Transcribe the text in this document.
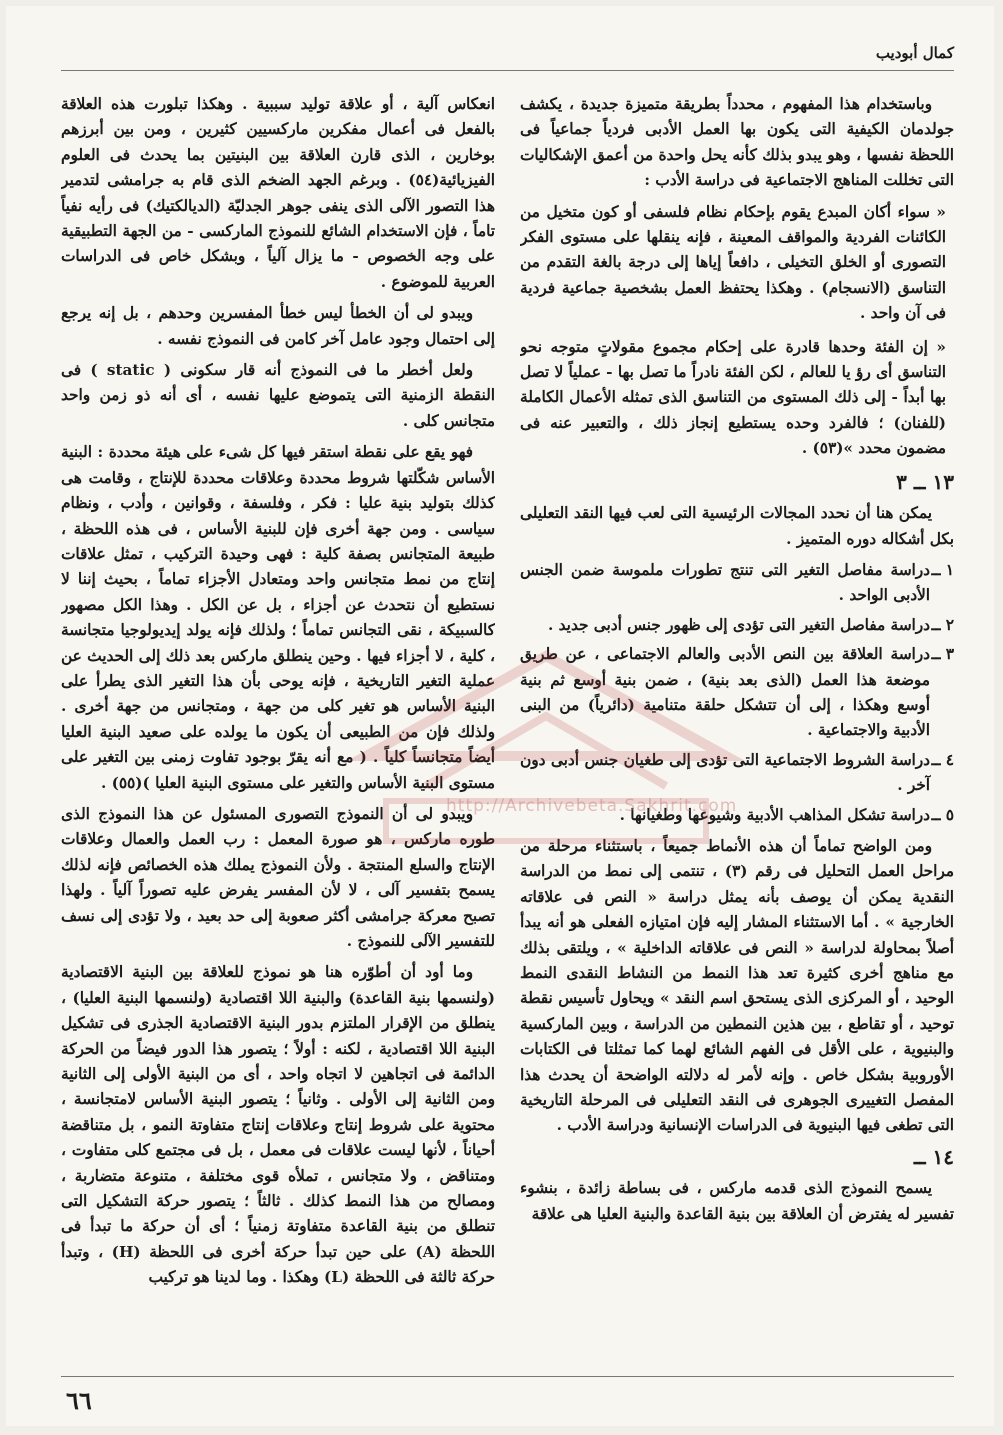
كمال أبوديب

وباستخدام هذا المفهوم ، محدداً بطريقة متميزة جديدة ، يكشف جولدمان الكيفية التى يكون بها العمل الأدبى فردياً جماعياً فى اللحظة نفسها ، وهو يبدو بذلك كأنه يحل واحدة من أعمق الإشكاليات التى تخللت المناهج الاجتماعية فى دراسة الأدب :

« سواء أكان المبدع يقوم بإحكام نظام فلسفى أو كون متخيل من الكائنات الفردية والمواقف المعينة ، فإنه ينقلها على مستوى الفكر التصورى أو الخلق التخيلى ، دافعاً إياها إلى درجة بالغة التقدم من التناسق (الانسجام) . وهكذا يحتفظ العمل بشخصية جماعية فردية فى آن واحد .

« إن الفئة وحدها قادرة على إحكام مجموع مقولاتٍ متوجه نحو التناسق أى رؤ يا للعالم ، لكن الفئة نادراً ما تصل بها - عملياً لا تصل بها أبداً - إلى ذلك المستوى من التناسق الذى تمثله الأعمال الكاملة (للفنان) ؛ فالفرد وحده يستطيع إنجاز ذلك ، والتعبير عنه فى مضمون محدد »(٥٣) .

١٣ ــ ٣

يمكن هنا أن نحدد المجالات الرئيسية التى لعب فيها النقد التعليلى بكل أشكاله دوره المتميز .

١ ــ
دراسة مفاصل التغير التى تنتج تطورات ملموسة ضمن الجنس الأدبى الواحد .
٢ ــ
دراسة مفاصل التغير التى تؤدى إلى ظهور جنس أدبى جديد .
٣ ــ
دراسة العلاقة بين النص الأدبى والعالم الاجتماعى ، عن طريق موضعة هذا العمل (الذى بعد بنية) ، ضمن بنية أوسع ثم بنية أوسع وهكذا ، إلى أن تتشكل حلقة متنامية (دائرياً) من البنى الأدبية والاجتماعية .
٤ ــ
دراسة الشروط الاجتماعية التى تؤدى إلى طغيان جنس أدبى دون آخر .
٥ ــ
دراسة تشكل المذاهب الأدبية وشيوعها وطغيانها .

ومن الواضح تماماً أن هذه الأنماط جميعاً ، باستثناء مرحلة من مراحل العمل التحليل فى رقم (٣) ، تنتمى إلى نمط من الدراسة النقدية يمكن أن يوصف بأنه يمثل دراسة « النص فى علاقاته الخارجية » . أما الاستثناء المشار إليه فإن امتيازه الفعلى هو أنه يبدأ أصلاً بمحاولة لدراسة « النص فى علاقاته الداخلية » ، ويلتقى بذلك مع مناهج أخرى كثيرة تعد هذا النمط من النشاط النقدى النمط الوحيد ، أو المركزى الذى يستحق اسم النقد » ويحاول تأسيس نقطة توحيد ، أو تقاطع ، بين هذين النمطين من الدراسة ، وبين الماركسية والبنيوية ، على الأقل فى الفهم الشائع لهما كما تمثلتا فى الكتابات الأوروبية بشكل خاص . وإنه لأمر له دلالته الواضحة أن يحدث هذا المفصل التغييرى الجوهرى فى النقد التعليلى فى المرحلة التاريخية التى تطغى فيها البنيوية فى الدراسات الإنسانية ودراسة الأدب .

١٤ ــ

يسمح النموذج الذى قدمه ماركس ، فى بساطة زائدة ، بنشوء تفسير له يفترض أن العلاقة بين بنية القاعدة والبنية العليا هى علاقة

انعكاس آلية ، أو علاقة توليد سببية . وهكذا تبلورت هذه العلاقة بالفعل فى أعمال مفكرين ماركسيين كثيرين ، ومن بين أبرزهم بوخارين ، الذى قارن العلاقة بين البنيتين بما يحدث فى العلوم الفيزيائية(٥٤) . وبرغم الجهد الضخم الذى قام به جرامشى لتدمير هذا التصور الآلى الذى ينفى جوهر الجدليّة (الديالكتيك) فى رأيه نفياً تاماً ، فإن الاستخدام الشائع للنموذج الماركسى - من الجهة التطبيقية على وجه الخصوص - ما يزال آلياً ، وبشكل خاص فى الدراسات العربية للموضوع .

ويبدو لى أن الخطأ ليس خطأ المفسرين وحدهم ، بل إنه يرجع إلى احتمال وجود عامل آخر كامن فى النموذج نفسه .

ولعل أخطر ما فى النموذج أنه قار سكونى ( static ) فى النقطة الزمنية التى يتموضع عليها نفسه ، أى أنه ذو زمن واحد متجانس كلى .

فهو يقع على نقطة استقر فيها كل شىء على هيئة محددة : البنية الأساس شكّلتها شروط محددة وعلاقات محددة للإنتاج ، وقامت هى كذلك بتوليد بنية عليا : فكر ، وفلسفة ، وقوانين ، وأدب ، ونظام سياسى . ومن جهة أخرى فإن للبنية الأساس ، فى هذه اللحظة ، طبيعة المتجانس بصفة كلية : فهى وحيدة التركيب ، تمثل علاقات إنتاج من نمط متجانس واحد ومتعادل الأجزاء تماماً ، بحيث إننا لا نستطيع أن نتحدث عن أجزاء ، بل عن الكل . وهذا الكل مصهور كالسبيكة ، نقى التجانس تماماً ؛ ولذلك فإنه يولد إيديولوجيا متجانسة ، كلية ، لا أجزاء فيها . وحين ينطلق ماركس بعد ذلك إلى الحديث عن عملية التغير التاريخية ، فإنه يوحى بأن هذا التغير الذى يطرأ على البنية الأساس هو تغير كلى من جهة ، ومتجانس من جهة أخرى . ولذلك فإن من الطبيعى أن يكون ما يولده على صعيد البنية العليا أيضاً متجانساً كلياً . ( مع أنه يقرّ بوجود تفاوت زمنى بين التغير على مستوى البنية الأساس والتغير على مستوى البنية العليا )(٥٥) .

ويبدو لى أن النموذج التصورى المسئول عن هذا النموذج الذى طوره ماركس ، هو صورة المعمل : رب العمل والعمال وعلاقات الإنتاج والسلع المنتجة . ولأن النموذج يملك هذه الخصائص فإنه لذلك يسمح بتفسير آلى ، لا لأن المفسر يفرض عليه تصوراً آلياً . ولهذا تصبح معركة جرامشى أكثر صعوبة إلى حد بعيد ، ولا تؤدى إلى نسف للتفسير الآلى للنموذج .

وما أود أن أطوّره هنا هو نموذج للعلاقة بين البنية الاقتصادية (ولنسمها بنية القاعدة) والبنية اللا اقتصادية (ولنسمها البنية العليا) ، ينطلق من الإقرار الملتزم بدور البنية الاقتصادية الجذرى فى تشكيل البنية اللا اقتصادية ، لكنه : أولاً ؛ يتصور هذا الدور فيضاً من الحركة الدائمة فى اتجاهين لا اتجاه واحد ، أى من البنية الأولى إلى الثانية ومن الثانية إلى الأولى . وثانياً ؛ يتصور البنية الأساس لامتجانسة ، محتوية على شروط إنتاج وعلاقات إنتاج متفاوتة النمو ، بل متناقضة أحياناً ، لأنها ليست علاقات فى معمل ، بل فى مجتمع كلى متفاوت ، ومتناقض ، ولا متجانس ، تملأه قوى مختلفة ، متنوعة متضاربة ، ومصالح من هذا النمط كذلك . ثالثاً ؛ يتصور حركة التشكيل التى تنطلق من بنية القاعدة متفاوتة زمنياً ؛ أى أن حركة ما تبدأ فى اللحظة (A) على حين تبدأ حركة أخرى فى اللحظة (H) ، وتبدأ حركة ثالثة فى اللحظة (L) وهكذا . وما لدينا هو تركيب

http://Archivebeta.Sakhrit.com
٦٦
